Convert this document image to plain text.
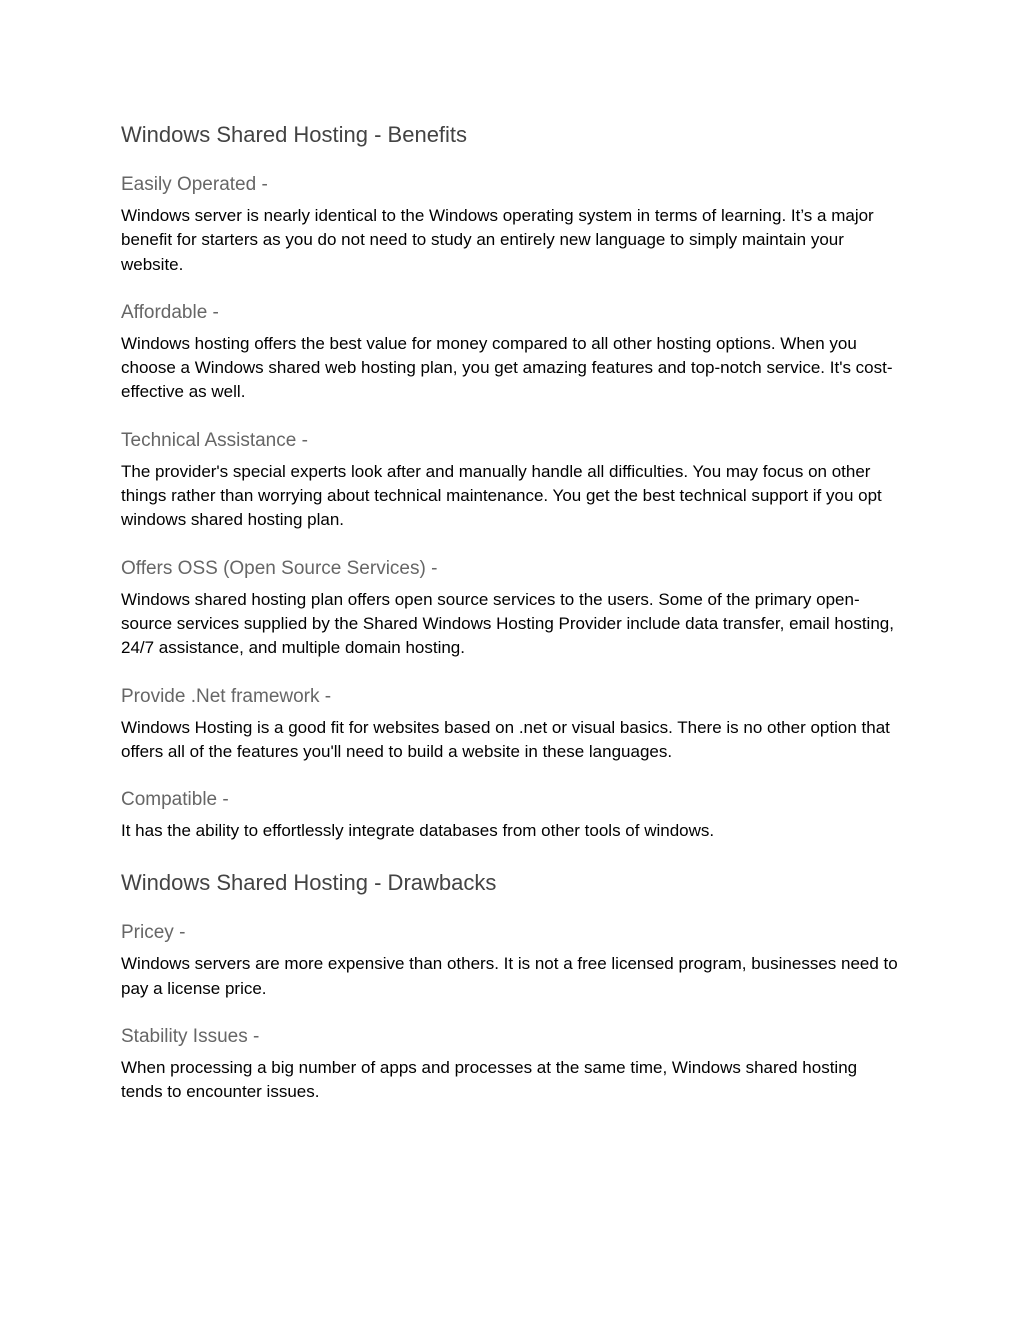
Windows Shared Hosting - Benefits
Easily Operated -

Windows server is nearly identical to the Windows operating system in terms of learning. It’s a major benefit for starters as you do not need to study an entirely new language to simply maintain your website.

Affordable -

Windows hosting offers the best value for money compared to all other hosting options. When you choose a Windows shared web hosting plan, you get amazing features and top-notch service. It's cost-effective as well.

Technical Assistance -

The provider's special experts look after and manually handle all difficulties. You may focus on other things rather than worrying about technical maintenance. You get the best technical support if you opt windows shared hosting plan.

Offers OSS (Open Source Services) -

Windows shared hosting plan offers open source services to the users. Some of the primary open-source services supplied by the Shared Windows Hosting Provider include data transfer, email hosting, 24/7 assistance, and multiple domain hosting.

Provide .Net framework -

Windows Hosting is a good fit for websites based on .net or visual basics. There is no other option that offers all of the features you'll need to build a website in these languages.

Compatible -

It has the ability to effortlessly integrate databases from other tools of windows.

Windows Shared Hosting - Drawbacks
Pricey -

Windows servers are more expensive than others. It is not a free licensed program, businesses need to pay a license price.

Stability Issues -

When processing a big number of apps and processes at the same time, Windows shared hosting tends to encounter issues.
